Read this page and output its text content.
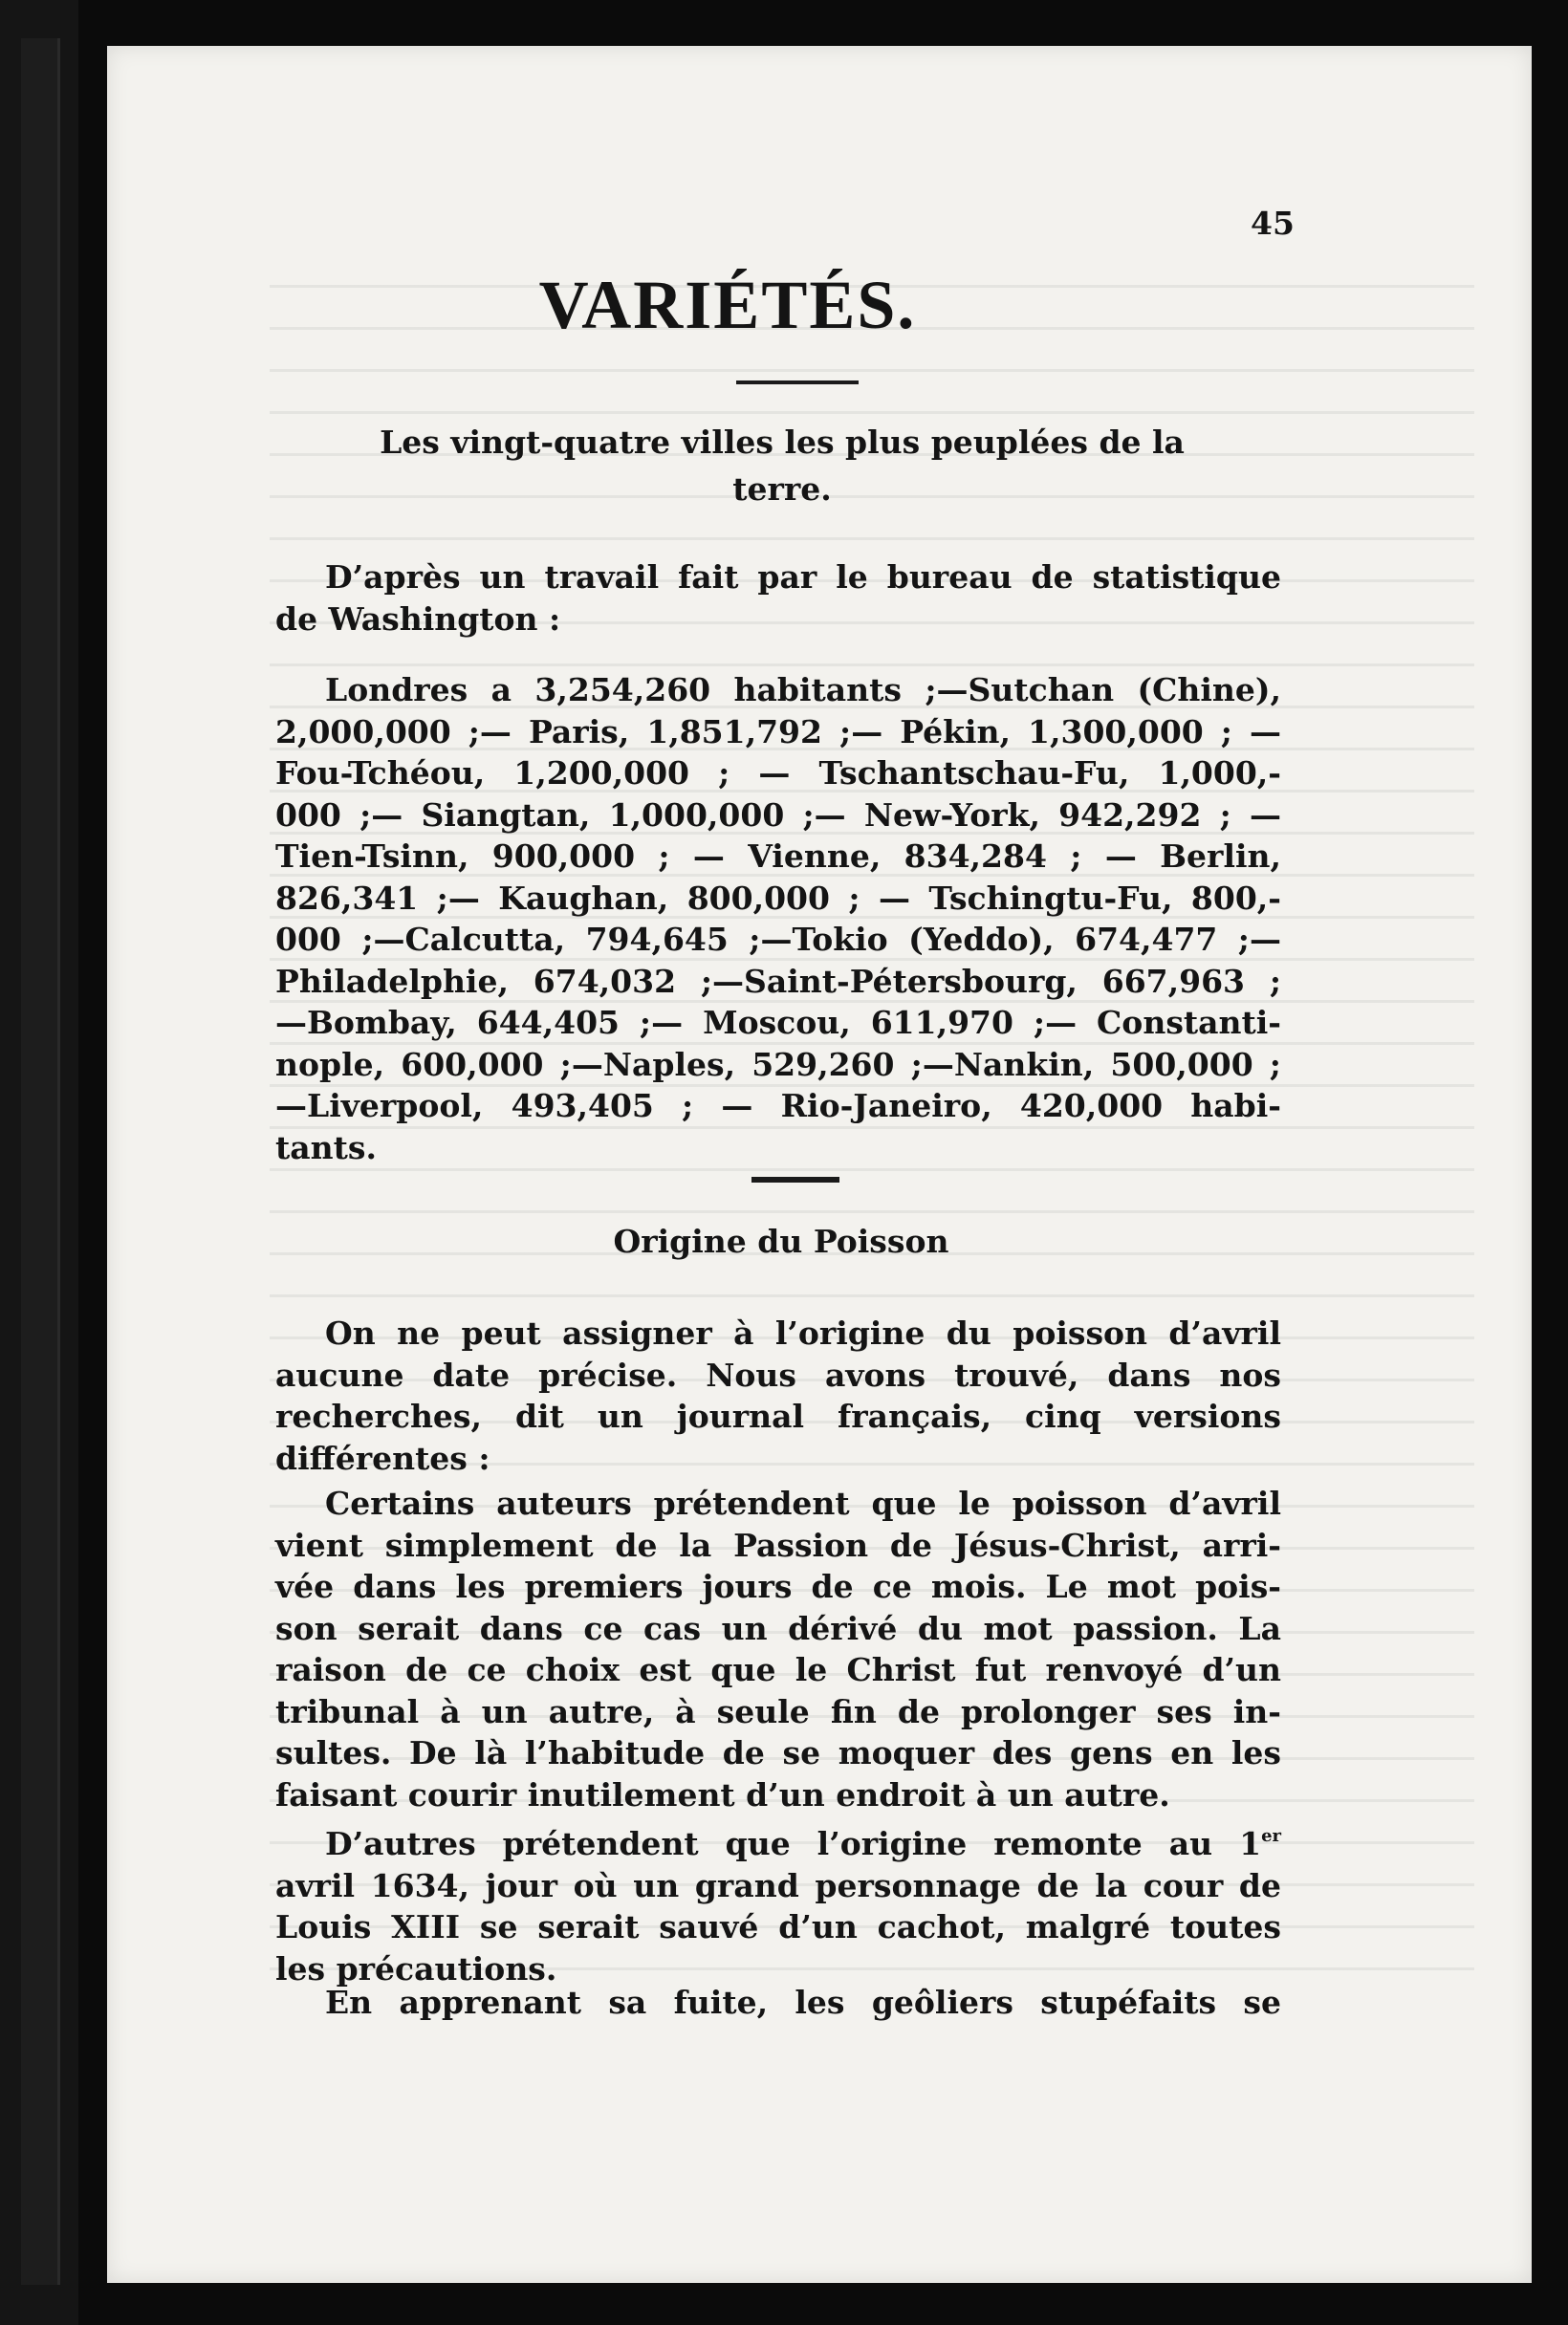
45

VARIÉTÉS.
Les vingt-quatre villes les plus peuplées de la
terre.
D’après un travail fait par le bureau de statistique
de Washington :
Londres a 3,254,260 habitants ;—Sutchan (Chine),
2,000,000 ;— Paris, 1,851,792 ;— Pékin, 1,300,000 ; —
Fou-Tchéou, 1,200,000 ; — Tschantschau-Fu, 1,000,-
000 ;— Siangtan, 1,000,000 ;— New-York, 942,292 ; —
Tien-Tsinn, 900,000 ; — Vienne, 834,284 ; — Berlin,
826,341 ;— Kaughan, 800,000 ; — Tschingtu-Fu, 800,-
000 ;—Calcutta, 794,645 ;—Tokio (Yeddo), 674,477 ;—
Philadelphie, 674,032 ;—Saint-Pétersbourg, 667,963 ;
—Bombay, 644,405 ;— Moscou, 611,970 ;— Constanti-
nople, 600,000 ;—Naples, 529,260 ;—Nankin, 500,000 ;
—Liverpool, 493,405 ; — Rio-Janeiro, 420,000 habi-
tants.
Origine du Poisson
On ne peut assigner à l’origine du poisson d’avril
aucune date précise. Nous avons trouvé, dans nos
recherches, dit un journal français, cinq versions
différentes :
Certains auteurs prétendent que le poisson d’avril
vient simplement de la Passion de Jésus-Christ, arri-
vée dans les premiers jours de ce mois. Le mot pois-
son serait dans ce cas un dérivé du mot passion. La
raison de ce choix est que le Christ fut renvoyé d’un
tribunal à un autre, à seule fin de prolonger ses in-
sultes. De là l’habitude de se moquer des gens en les
faisant courir inutilement d’un endroit à un autre.
D’autres prétendent que l’origine remonte au 1er
avril 1634, jour où un grand personnage de la cour de
Louis XIII se serait sauvé d’un cachot, malgré toutes
les précautions.
En apprenant sa fuite, les geôliers stupéfaits se
